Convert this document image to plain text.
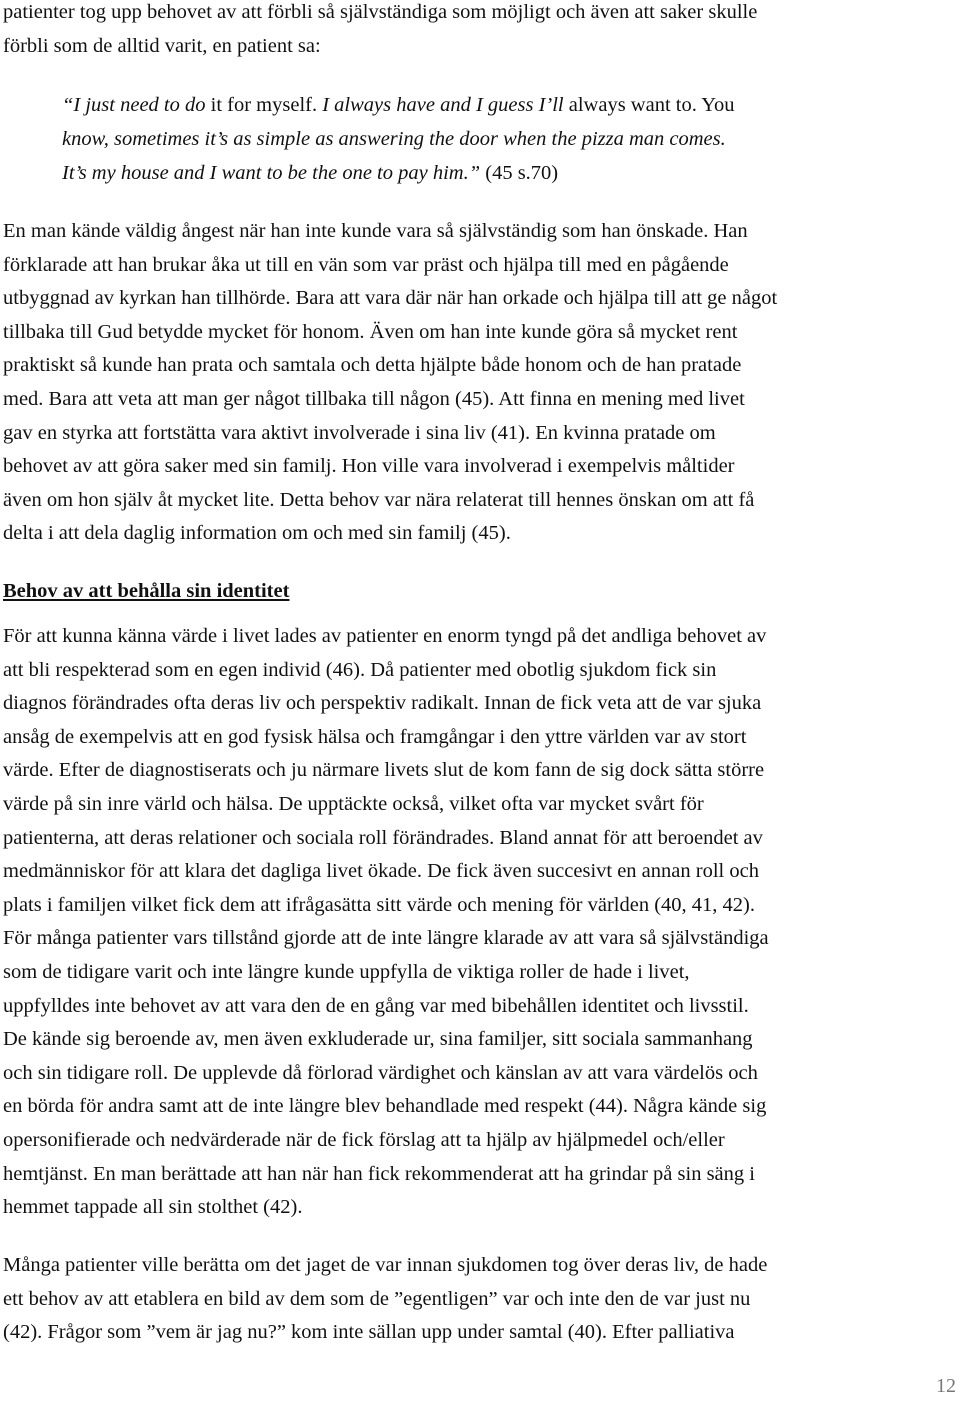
patienter tog upp behovet av att förbli så självständiga som möjligt och även att saker skulle
förbli som de alltid varit, en patient sa:

“I just need to do it for myself. I always have and I guess I’ll always want to. You
know, sometimes it’s as simple as answering the door when the pizza man comes.
It’s my house and I want to be the one to pay him.” (45 s.70)

En man kände väldig ångest när han inte kunde vara så självständig som han önskade. Han
förklarade att han brukar åka ut till en vän som var präst och hjälpa till med en pågående
utbyggnad av kyrkan han tillhörde. Bara att vara där när han orkade och hjälpa till att ge något
tillbaka till Gud betydde mycket för honom. Även om han inte kunde göra så mycket rent
praktiskt så kunde han prata och samtala och detta hjälpte både honom och de han pratade
med. Bara att veta att man ger något tillbaka till någon (45). Att finna en mening med livet
gav en styrka att fortstätta vara aktivt involverade i sina liv (41). En kvinna pratade om
behovet av att göra saker med sin familj. Hon ville vara involverad i exempelvis måltider
även om hon själv åt mycket lite. Detta behov var nära relaterat till hennes önskan om att få
delta i att dela daglig information om och med sin familj (45).

Behov av att behålla sin identitet

För att kunna känna värde i livet lades av patienter en enorm tyngd på det andliga behovet av
att bli respekterad som en egen individ (46). Då patienter med obotlig sjukdom fick sin
diagnos förändrades ofta deras liv och perspektiv radikalt. Innan de fick veta att de var sjuka
ansåg de exempelvis att en god fysisk hälsa och framgångar i den yttre världen var av stort
värde. Efter de diagnostiserats och ju närmare livets slut de kom fann de sig dock sätta större
värde på sin inre värld och hälsa. De upptäckte också, vilket ofta var mycket svårt för
patienterna, att deras relationer och sociala roll förändrades. Bland annat för att beroendet av
medmänniskor för att klara det dagliga livet ökade. De fick även succesivt en annan roll och
plats i familjen vilket fick dem att ifrågasätta sitt värde och mening för världen (40, 41, 42).
För många patienter vars tillstånd gjorde att de inte längre klarade av att vara så självständiga
som de tidigare varit och inte längre kunde uppfylla de viktiga roller de hade i livet,
uppfylldes inte behovet av att vara den de en gång var med bibehållen identitet och livsstil.
De kände sig beroende av, men även exkluderade ur, sina familjer, sitt sociala sammanhang
och sin tidigare roll. De upplevde då förlorad värdighet och känslan av att vara värdelös och
en börda för andra samt att de inte längre blev behandlade med respekt (44). Några kände sig
opersonifierade och nedvärderade när de fick förslag att ta hjälp av hjälpmedel och/eller
hemtjänst. En man berättade att han när han fick rekommenderat att ha grindar på sin säng i
hemmet tappade all sin stolthet (42).

Många patienter ville berätta om det jaget de var innan sjukdomen tog över deras liv, de hade
ett behov av att etablera en bild av dem som de ”egentligen” var och inte den de var just nu
(42). Frågor som ”vem är jag nu?” kom inte sällan upp under samtal (40). Efter palliativa

12
